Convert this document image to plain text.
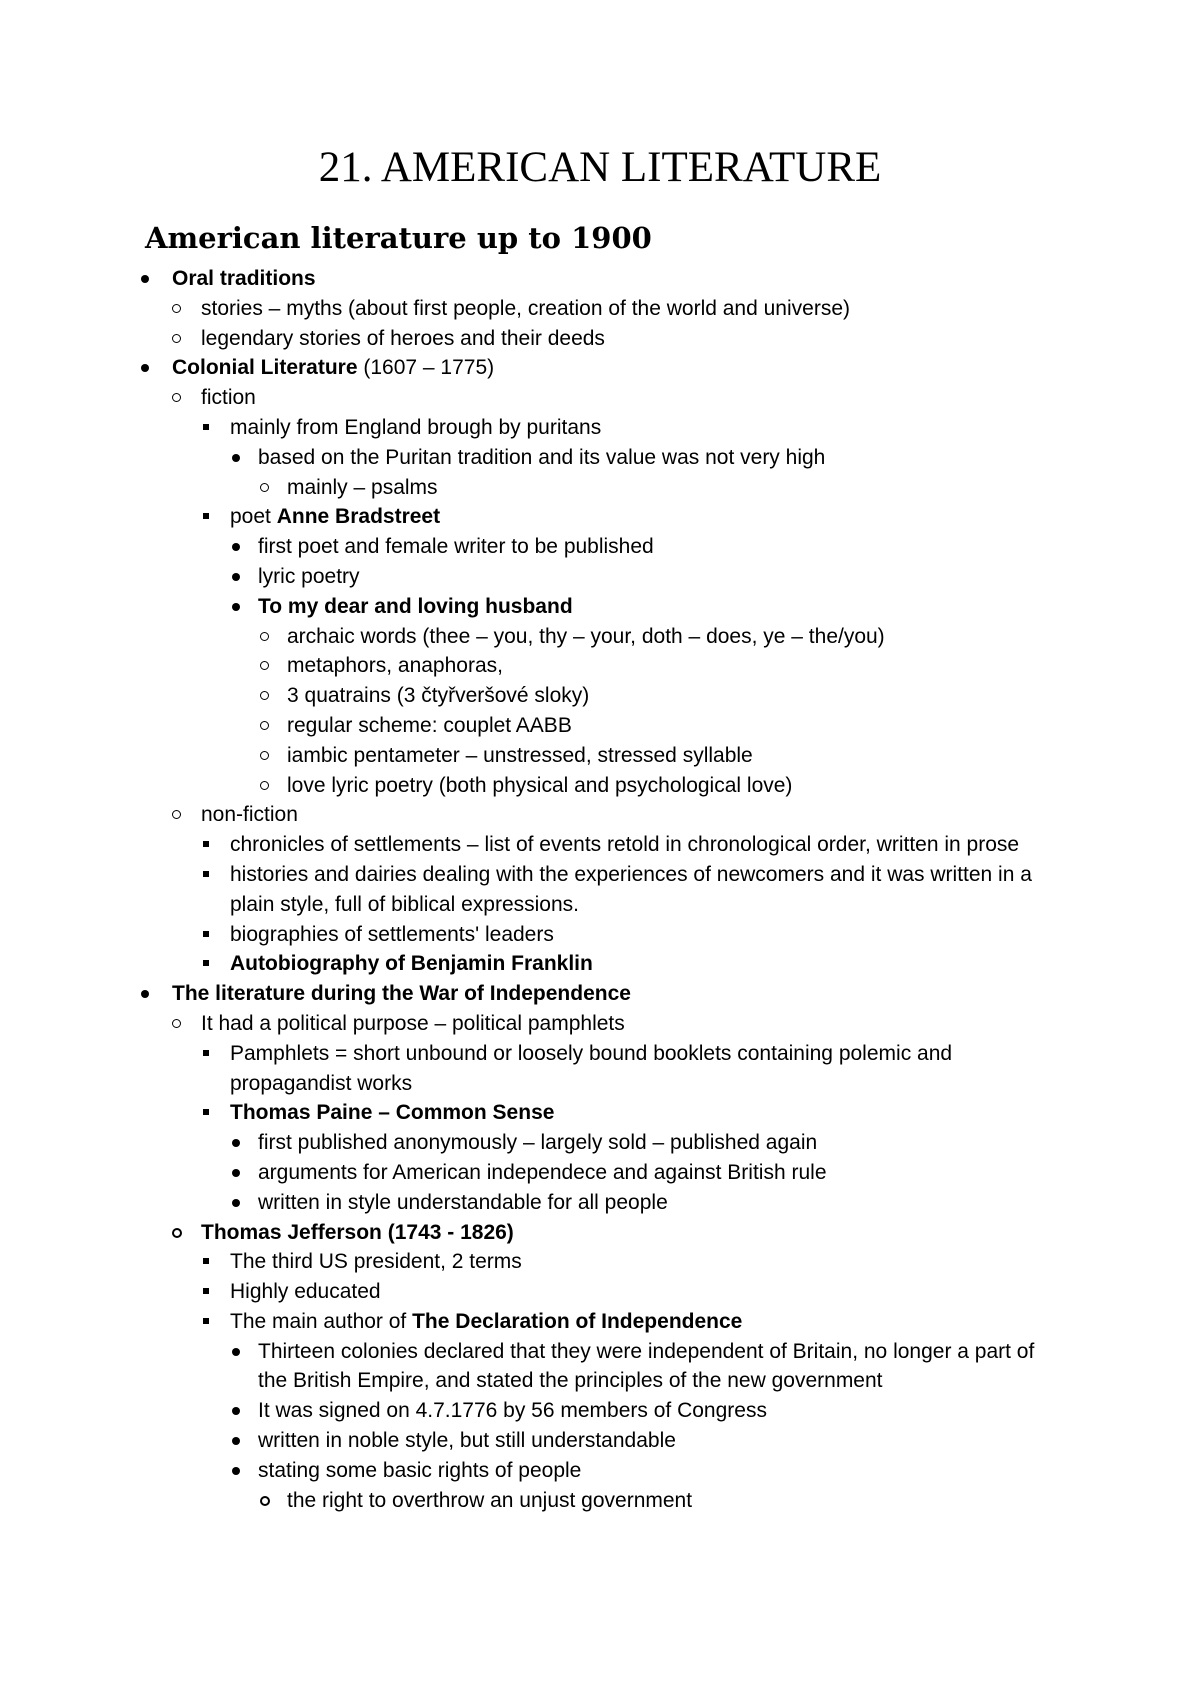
21. AMERICAN LITERATURE
American literature up to 1900
Oral traditions
stories – myths (about first people, creation of the world and universe)
legendary stories of heroes and their deeds
Colonial Literature (1607 – 1775)
fiction
mainly from England brough by puritans
based on the Puritan tradition and its value was not very high
mainly – psalms
poet Anne Bradstreet
first poet and female writer to be published
lyric poetry
To my dear and loving husband
archaic words (thee – you, thy – your, doth – does, ye – the/you)
metaphors, anaphoras,
3 quatrains (3 čtyřveršové sloky)
regular scheme: couplet AABB
iambic pentameter – unstressed, stressed syllable
love lyric poetry (both physical and psychological love)
non-fiction
chronicles of settlements – list of events retold in chronological order, written in prose
histories and dairies dealing with the experiences of newcomers and it was written in a plain style, full of biblical expressions.
biographies of settlements' leaders
Autobiography of Benjamin Franklin
The literature during the War of Independence
It had a political purpose – political pamphlets
Pamphlets = short unbound or loosely bound booklets containing polemic and propagandist works
Thomas Paine – Common Sense
first published anonymously – largely sold – published again
arguments for American independece and against British rule
written in style understandable for all people
Thomas Jefferson (1743 - 1826)
The third US president, 2 terms
Highly educated
The main author of The Declaration of Independence
Thirteen colonies declared that they were independent of Britain, no longer a part of the British Empire, and stated the principles of the new government
It was signed on 4.7.1776 by 56 members of Congress
written in noble style, but still understandable
stating some basic rights of people
the right to overthrow an unjust government
